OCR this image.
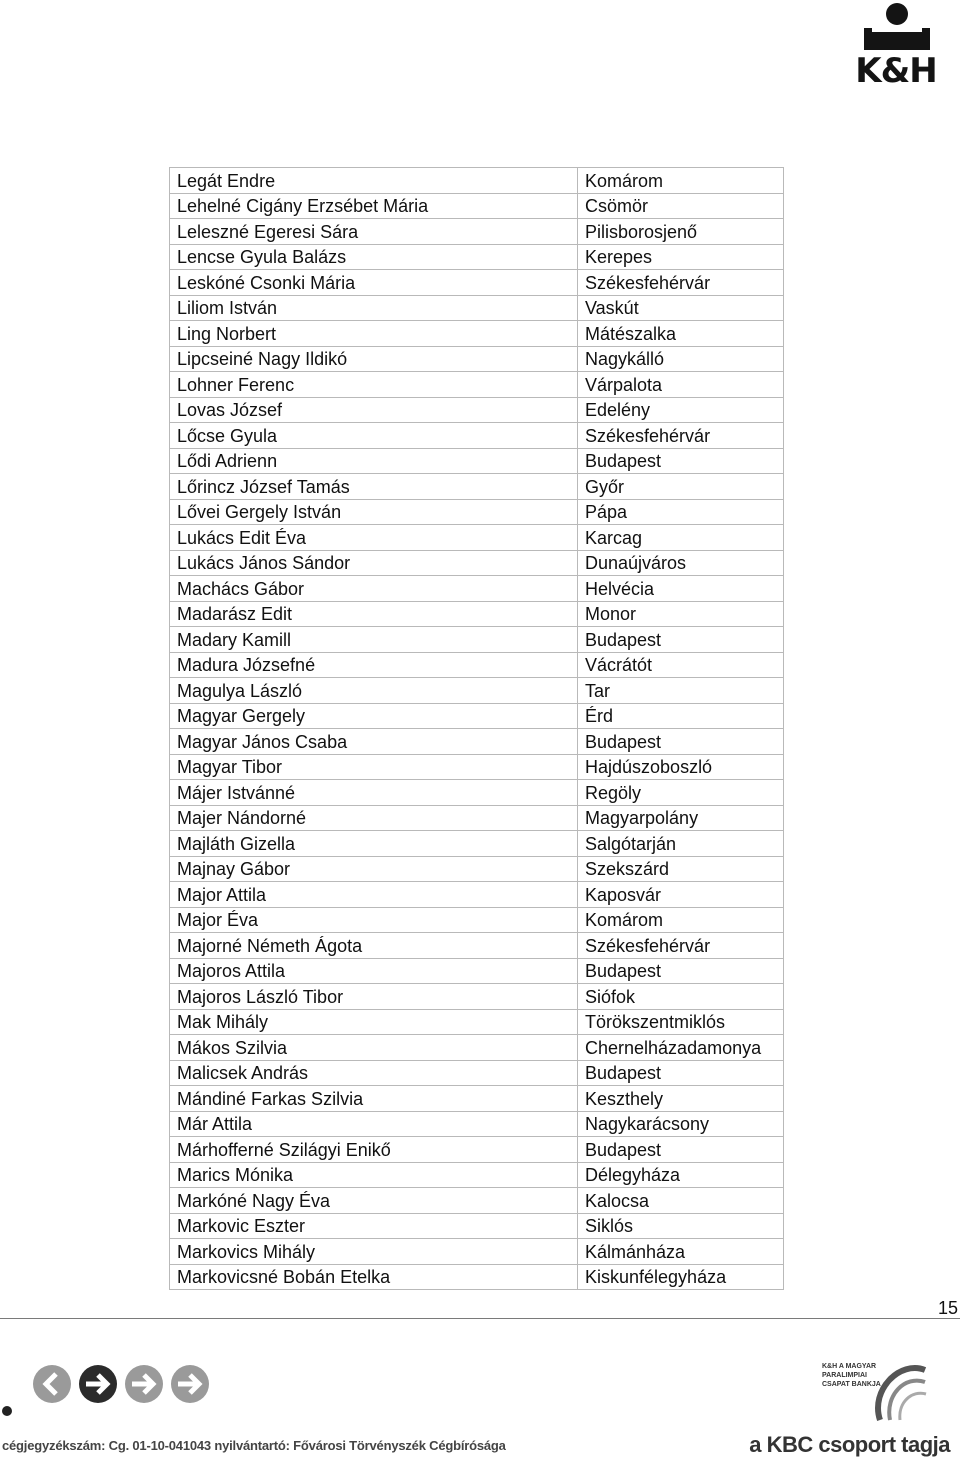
K&H
Legát Endre	Komárom
Lehelné Cigány Erzsébet Mária	Csömör
Leleszné Egeresi Sára	Pilisborosjenő
Lencse Gyula Balázs	Kerepes
Leskóné Csonki Mária	Székesfehérvár
Liliom István	Vaskút
Ling Norbert	Mátészalka
Lipcseiné Nagy Ildikó	Nagykálló
Lohner Ferenc	Várpalota
Lovas József	Edelény
Lőcse Gyula	Székesfehérvár
Lődi Adrienn	Budapest
Lőrincz József Tamás	Győr
Lővei Gergely István	Pápa
Lukács Edit Éva	Karcag
Lukács János Sándor	Dunaújváros
Machács Gábor	Helvécia
Madarász Edit	Monor
Madary Kamill	Budapest
Madura Józsefné	Vácrátót
Magulya László	Tar
Magyar Gergely	Érd
Magyar János Csaba	Budapest
Magyar Tibor	Hajdúszoboszló
Májer Istvánné	Regöly
Majer Nándorné	Magyarpolány
Majláth Gizella	Salgótarján
Majnay Gábor	Szekszárd
Major Attila	Kaposvár
Major Éva	Komárom
Majorné Németh Ágota	Székesfehérvár
Majoros Attila	Budapest
Majoros László Tibor	Siófok
Mak Mihály	Törökszentmiklós
Mákos Szilvia	Chernelházadamonya
Malicsek András	Budapest
Mándiné Farkas Szilvia	Keszthely
Már Attila	Nagykarácsony
Márhofferné Szilágyi Enikő	Budapest
Marics Mónika	Délegyháza
Markóné Nagy Éva	Kalocsa
Markovic Eszter	Siklós
Markovics Mihály	Kálmánháza
Markovicsné Bobán Etelka	Kiskunfélegyháza
15
cégjegyzékszám: Cg. 01-10-041043 nyilvántartó: Fővárosi Törvényszék Cégbírósága
K&H A MAGYAR PARALIMPIAI CSAPAT BANKJA
a KBC csoport tagja
